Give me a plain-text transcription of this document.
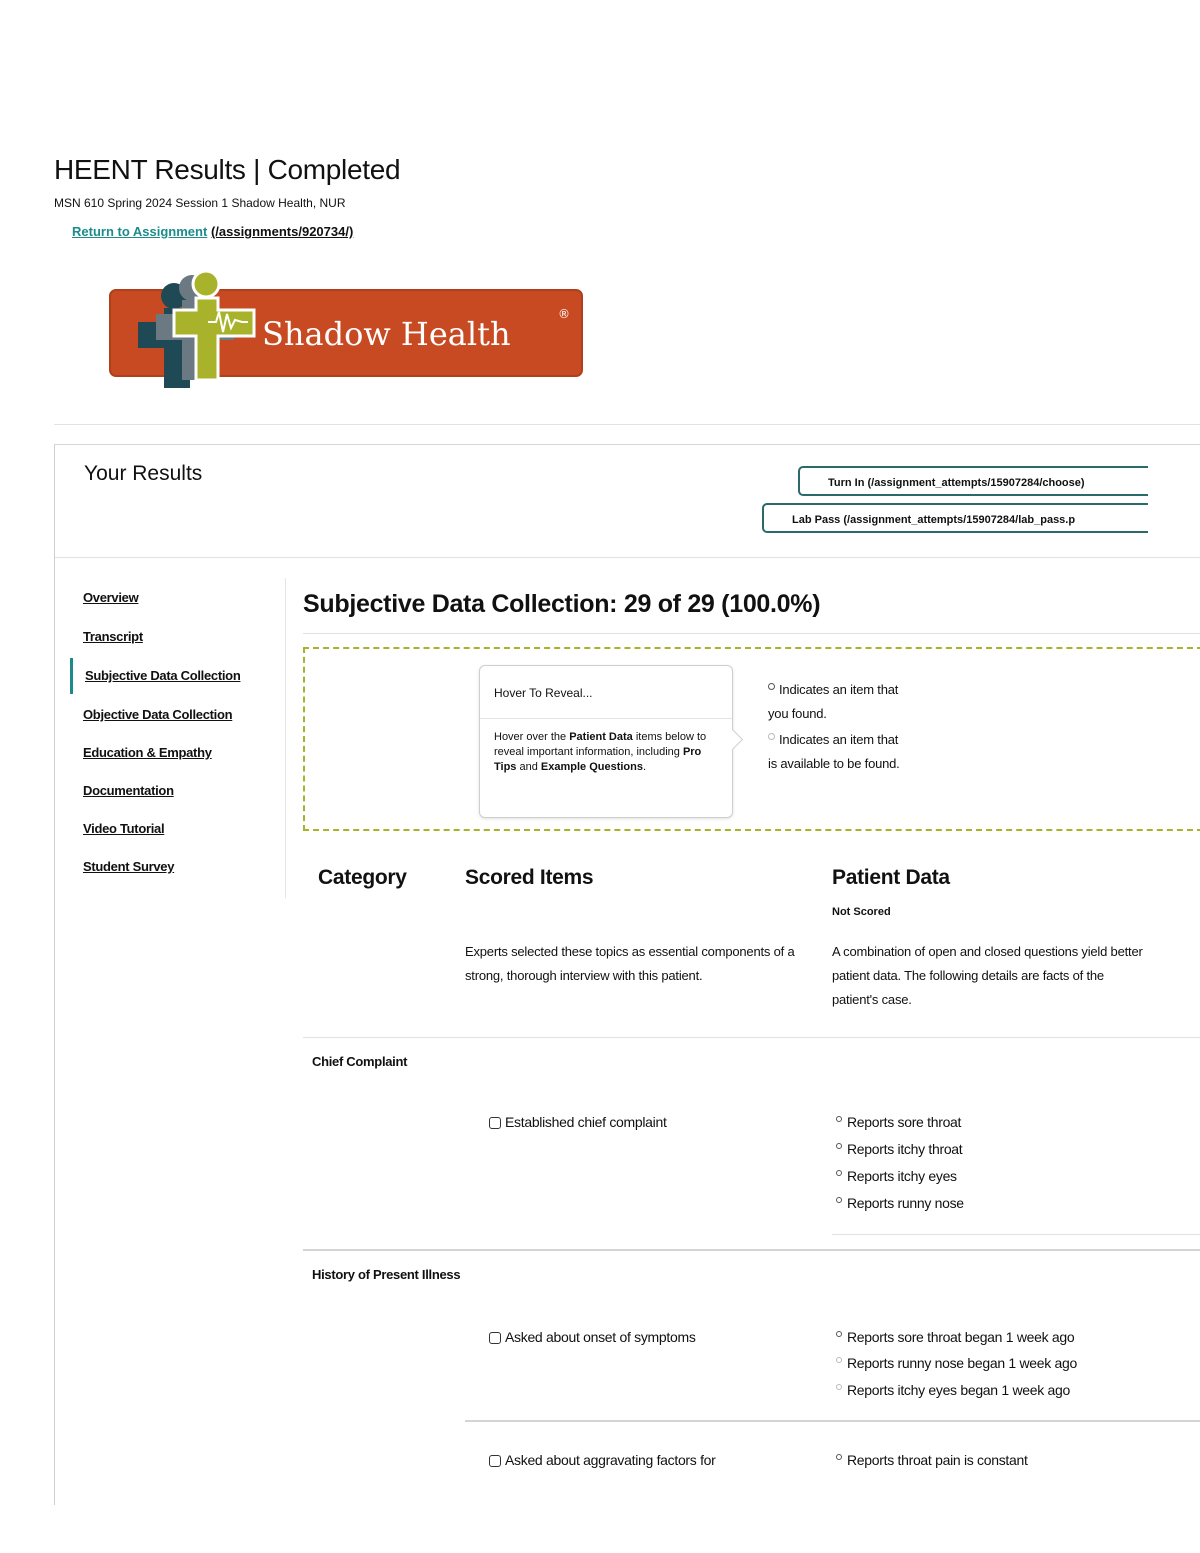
HEENT Results | Completed
MSN 610 Spring 2024 Session 1 Shadow Health, NUR
Return to Assignment (/assignments/920734/)
Shadow Health
®
Your Results	Turn In (/assignment_attempts/15907284/choose)
Lab Pass (/assignment_attempts/15907284/lab_pass.p
Overview
Transcript
Subjective Data Collection
Objective Data Collection
Education & Empathy
Documentation
Video Tutorial
Student Survey
Subjective Data Collection: 29 of 29 (100.0%)
Hover To Reveal...
Hover over the Patient Data items below to reveal important information, including Pro Tips and Example Questions.
Indicates an item that
you found.
Indicates an item that
is available to be found.
Category	Scored Items	Patient Data
Not Scored
Experts selected these topics as essential components of a strong, thorough interview with this patient.
A combination of open and closed questions yield better patient data. The following details are facts of the patient's case.
Chief Complaint
Established chief complaint	Reports sore throat
Reports itchy throat
Reports itchy eyes
Reports runny nose
History of Present Illness
Asked about onset of symptoms	Reports sore throat began 1 week ago
Reports runny nose began 1 week ago
Reports itchy eyes began 1 week ago
Asked about aggravating factors for	Reports throat pain is constant
